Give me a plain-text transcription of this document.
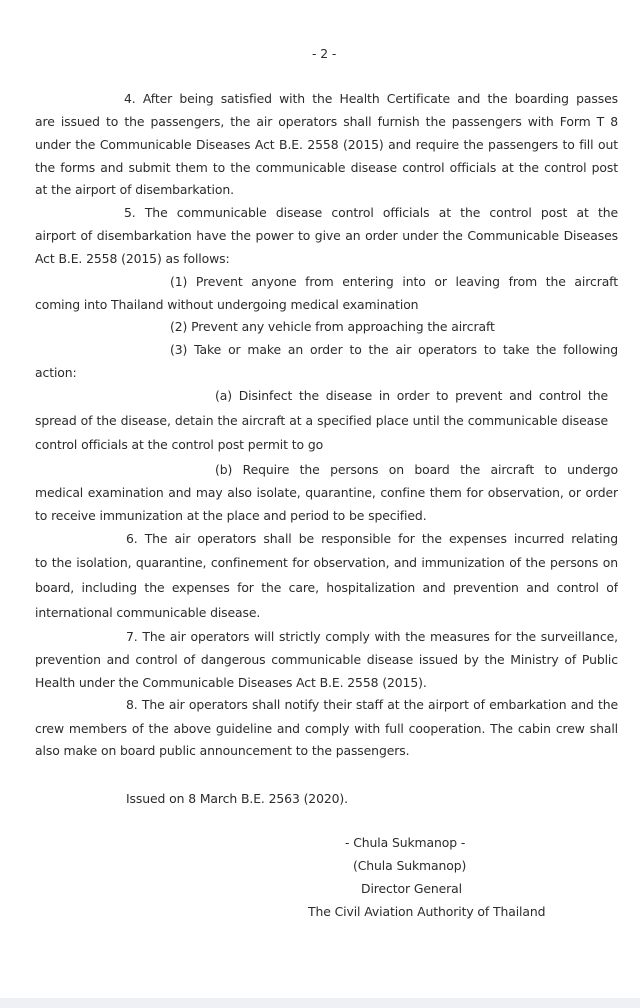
- 2 -
4. After being satisfied with the Health Certificate and the boarding passes
are issued to the passengers, the air operators shall furnish the passengers with Form T 8
under the Communicable Diseases Act B.E. 2558 (2015) and require the passengers to fill out
the forms and submit them to the communicable disease control officials at the control post
at the airport of disembarkation.
5. The communicable disease control officials at the control post at the
airport of disembarkation have the power to give an order under the Communicable Diseases
Act B.E. 2558 (2015) as follows:
(1) Prevent anyone from entering into or leaving from the aircraft
coming into Thailand without undergoing medical examination
(2) Prevent any vehicle from approaching the aircraft
(3) Take or make an order to the air operators to take the following
action:
(a) Disinfect the disease in order to prevent and control the
spread of the disease, detain the aircraft at a specified place until the communicable disease
control officials at the control post permit to go
(b) Require the persons on board the aircraft to undergo
medical examination and may also isolate, quarantine, confine them for observation, or order
to receive immunization at the place and period to be specified.
6. The air operators shall be responsible for the expenses incurred relating
to the isolation, quarantine, confinement for observation, and immunization of the persons on
board, including the expenses for the care, hospitalization and prevention and control of
international communicable disease.
7. The air operators will strictly comply with the measures for the surveillance,
prevention and control of dangerous communicable disease issued by the Ministry of Public
Health under the Communicable Diseases Act B.E. 2558 (2015).
8. The air operators shall notify their staff at the airport of embarkation and the
crew members of the above guideline and comply with full cooperation. The cabin crew shall
also make on board public announcement to the passengers.
Issued on 8 March B.E. 2563 (2020).
- Chula Sukmanop -
(Chula Sukmanop)
Director General
The Civil Aviation Authority of Thailand
